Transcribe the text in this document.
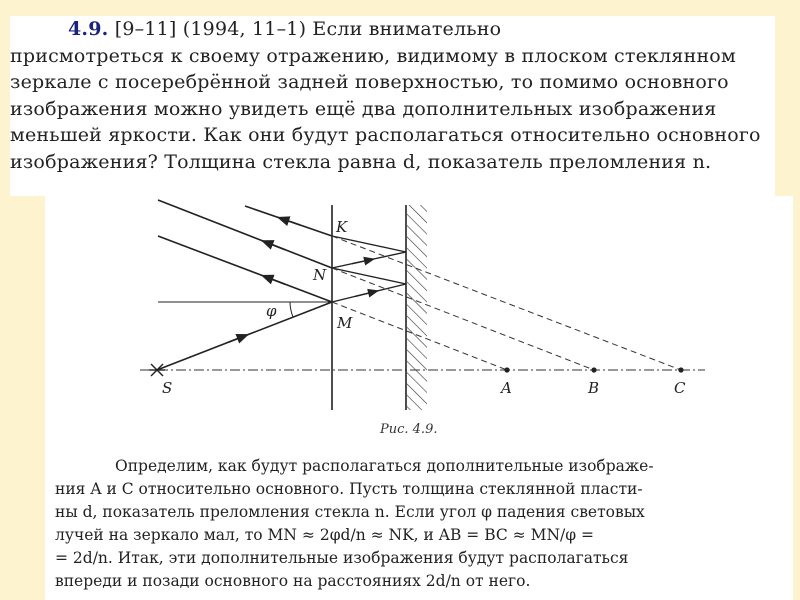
4.9. [9–11] (1994, 11–1) Если внимательно
присмотреться к своему отражению, видимому в плоском стеклянном
зеркале с посеребрённой задней поверхностью, то помимо основного
изображения можно увидеть ещё два дополнительных изображения
меньшей яркости. Как они будут располагаться относительно основного
изображения? Толщина стекла равна d, показатель преломления n.
K
N
M
φ
S	A	B	C
Рис. 4.9.
Определим, как будут располагаться дополнительные изображе-
ния A и C относительно основного. Пусть толщина стеклянной пласти-
ны d, показатель преломления стекла n. Если угол φ падения световых
лучей на зеркало мал, то MN ≈ 2φd/n ≈ NK, и AB = BC ≈ MN/φ =
= 2d/n. Итак, эти дополнительные изображения будут располагаться
впереди и позади основного на расстояниях 2d/n от него.
